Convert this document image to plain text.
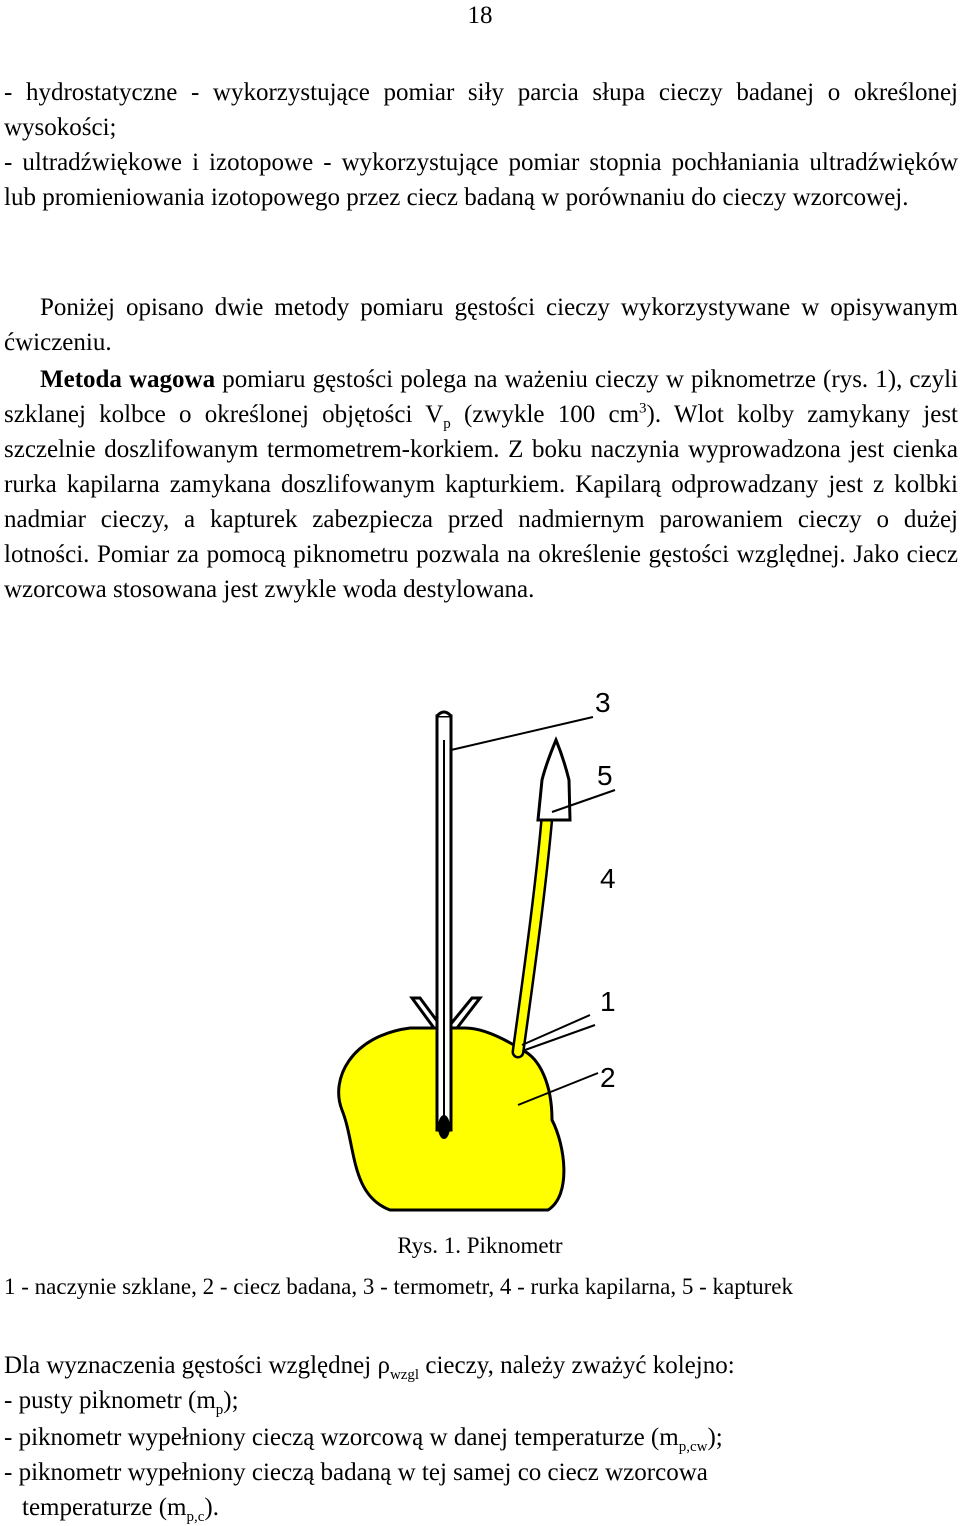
18
- hydrostatyczne - wykorzystujące pomiar siły parcia słupa cieczy badanej o określonej wysokości;
- ultradźwiękowe i izotopowe - wykorzystujące pomiar stopnia pochłaniania ultradźwięków lub promieniowania izotopowego przez ciecz badaną w porównaniu do cieczy wzorcowej.

Poniżej opisano dwie metody pomiaru gęstości cieczy wykorzystywane w opisywanym ćwiczeniu.

Metoda wagowa pomiaru gęstości polega na ważeniu cieczy w piknometrze (rys. 1), czyli szklanej kolbce o określonej objętości $V_p$ (zwykle 100 $cm^3$). Wlot kolby zamykany jest szczelnie doszlifowanym termometrem-korkiem. Z boku naczynia wyprowadzona jest cienka rurka kapilarna zamykana doszlifowanym kapturkiem. Kapilarą odprowadzany jest z kolbki nadmiar cieczy, a kapturek zabezpiecza przed nadmiernym parowaniem cieczy o dużej lotności. Pomiar za pomocą piknometru pozwala na określenie gęstości względnej. Jako ciecz wzorcowa stosowana jest zwykle woda destylowana.

3
5
4
1
2
Rys. 1. Piknometr
1 - naczynie szklane, 2 - ciecz badana, 3 - termometr, 4 - rurka kapilarna, 5 - kapturek

Dla wyznaczenia gęstości względnej $\rho_{wzgl}$ cieczy, należy zważyć kolejno:

- pusty piknometr $(m_p)$;

- piknometr wypełniony cieczą wzorcową w danej temperaturze $(m_{p,cw})$;

- piknometr wypełniony cieczą badaną w tej samej co ciecz wzorcowa

temperaturze $(m_{p,c})$.
